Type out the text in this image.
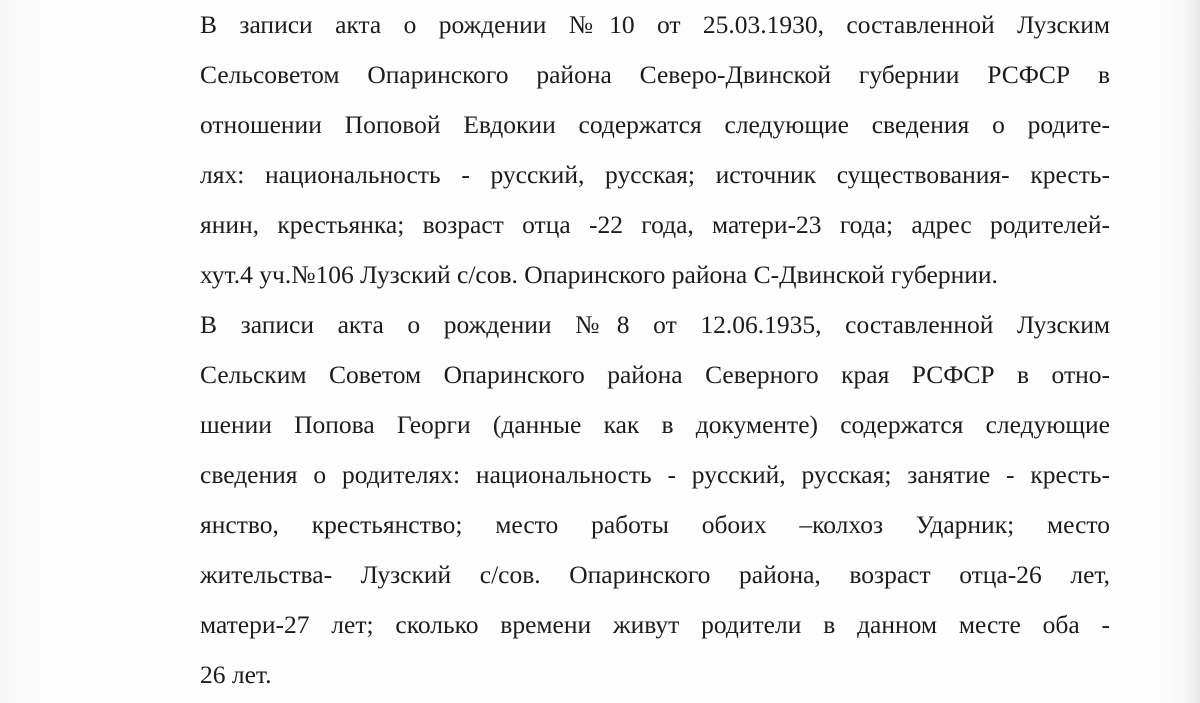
В записи акта о рождении №10 от 25.03.1930, составленной Лузским
Сельсоветом Опаринского района Северо-Двинской губернии РСФСР в
отношении Поповой Евдокии содержатся следующие сведения о родите-
лях: национальность - русский, русская; источник существования- кресть-
янин, крестьянка; возраст отца -22 года, матери-23 года; адрес родителей-
хут.4 уч.№106 Лузский с/сов. Опаринского района С-Двинской губернии.
В записи акта о рождении №8 от 12.06.1935, составленной Лузским
Сельским Советом Опаринского района Северного края РСФСР в отно-
шении Попова Георги (данные как в документе) содержатся следующие
сведения о родителях: национальность - русский, русская; занятие - кресть-
янство, крестьянство; место работы обоих –колхоз Ударник; место
жительства- Лузский с/сов. Опаринского района, возраст отца-26 лет,
матери-27 лет; сколько времени живут родители в данном месте оба -
26 лет.
